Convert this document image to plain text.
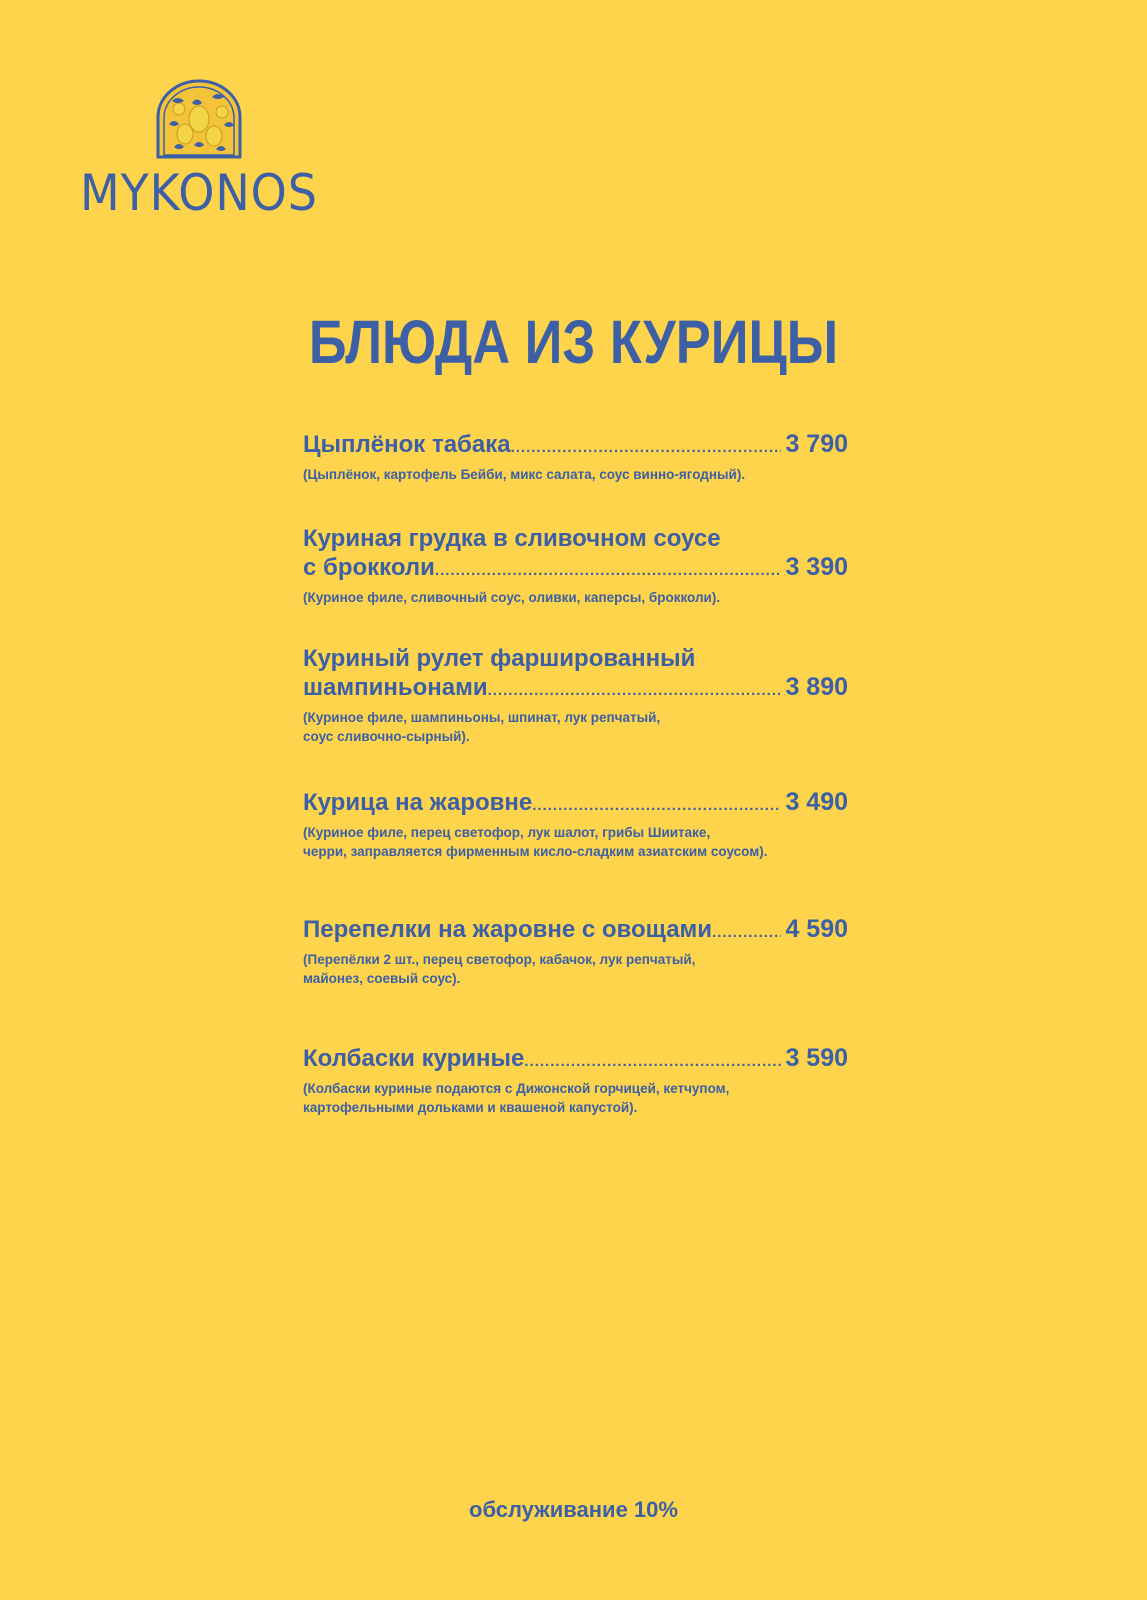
MYKONOS
БЛЮДА ИЗ КУРИЦЫ
Цыплёнок табака .....	3 790
(Цыплёнок, картофель Бейби, микс салата, соус винно-ягодный).
Куриная грудка в сливочном соусе
с брокколи .....	3 390
(Куриное филе, сливочный соус, оливки, каперсы, брокколи).
Куриный рулет фаршированный
шампиньонами .....	3 890
(Куриное филе, шампиньоны, шпинат, лук репчатый,
соус сливочно-сырный).
Курица на жаровне .....	3 490
(Куриное филе, перец светофор, лук шалот, грибы Шиитаке,
черри, заправляется фирменным кисло-сладким азиатским соусом).
Перепелки на жаровне с овощами .....	4 590
(Перепёлки 2 шт., перец светофор, кабачок, лук репчатый,
майонез, соевый соус).
Колбаски куриные .....	3 590
(Колбаски куриные подаются с Дижонской горчицей, кетчупом,
картофельными дольками и квашеной капустой).
обслуживание 10%
